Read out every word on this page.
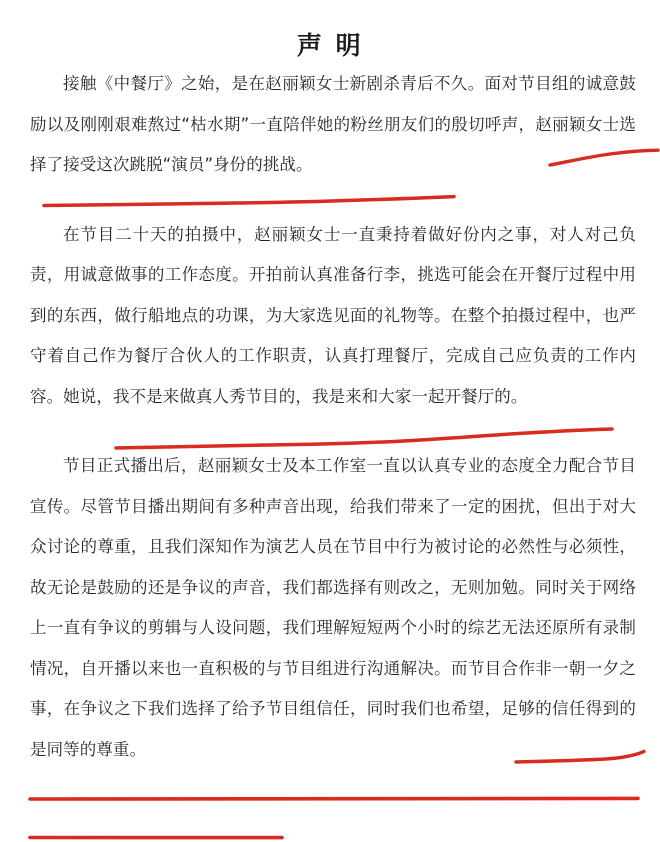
声 明

接触《中餐厅》之始，是在赵丽颖女士新剧杀青后不久。面对节目组的诚意鼓励以及刚刚艰难熬过“枯水期”一直陪伴她的粉丝朋友们的殷切呼声，赵丽颖女士选择了接受这次跳脱“演员”身份的挑战。

在节目二十天的拍摄中，赵丽颖女士一直秉持着做好份内之事，对人对己负责，用诚意做事的工作态度。开拍前认真准备行李，挑选可能会在开餐厅过程中用到的东西，做行船地点的功课，为大家选见面的礼物等。在整个拍摄过程中，也严守着自己作为餐厅合伙人的工作职责，认真打理餐厅，完成自己应负责的工作内容。她说，我不是来做真人秀节目的，我是来和大家一起开餐厅的。

节目正式播出后，赵丽颖女士及本工作室一直以认真专业的态度全力配合节目宣传。尽管节目播出期间有多种声音出现，给我们带来了一定的困扰，但出于对大众讨论的尊重，且我们深知作为演艺人员在节目中行为被讨论的必然性与必须性，故无论是鼓励的还是争议的声音，我们都选择有则改之，无则加勉。同时关于网络上一直有争议的剪辑与人设问题，我们理解短短两个小时的综艺无法还原所有录制情况，自开播以来也一直积极的与节目组进行沟通解决。而节目合作非一朝一夕之事，在争议之下我们选择了给予节目组信任，同时我们也希望，足够的信任得到的是同等的尊重。
